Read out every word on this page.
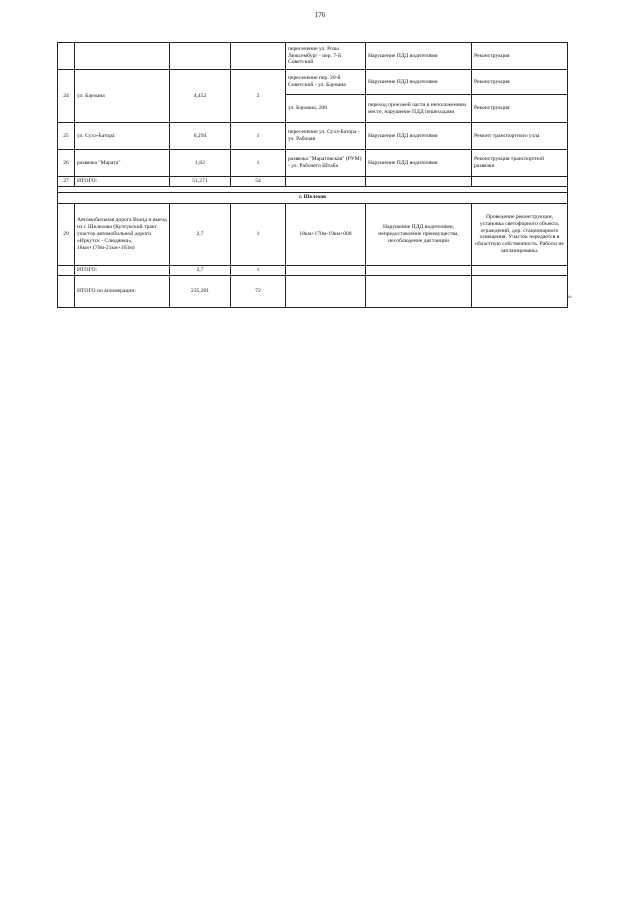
176
				пересечение ул. Розы Люксембург - пер. 7-й Советский	Нарушение ПДД водителями	Реконструкция
24	ул. Баумана	4,452	2	пересечение пер. 20-й Советский - ул. Баумана	Нарушение ПДД водителями	Реконструкция
				ул. Баумана, 208	переход проезжей части в неположенном месте, нарушение ПДД пешеходами	Реконструкция
25	ул. Сухэ-Батора	0,294	1	пересечение ул. Сухэ-Батора - ул. Рабочая	Нарушение ПДД водителями	Ремонт транспортного узла
26	развязка "Марата"	1,82	1	развязка "Маратовская" (РУМ) - ул. Рабочего Штаба	Нарушение ПДД водителями	Реконструкция транспортной развязки
27	ИТОГО:	51,271	54			

г. Шелехов						
29	Автомобильная дорога Въезд и выезд из г. Шелехова (Култукский тракт участок автомобильной дороги «Иркутск - Слюдянка», 18км+170м-21км+163м)	2,7	1	18км+170м-19км+000	Нарушение ПДД водителями, непредоставление преимущества, несоблюдение дистанции	Проведение реконструкции, установка светофорного объекта, ограждений, дор. стационарного освещения. Участок передается в областную собственность. Работы не запланированы.
	ИТОГО:	2,7	1			
	ИТОГО по агломерации:	235,201	72			
».
